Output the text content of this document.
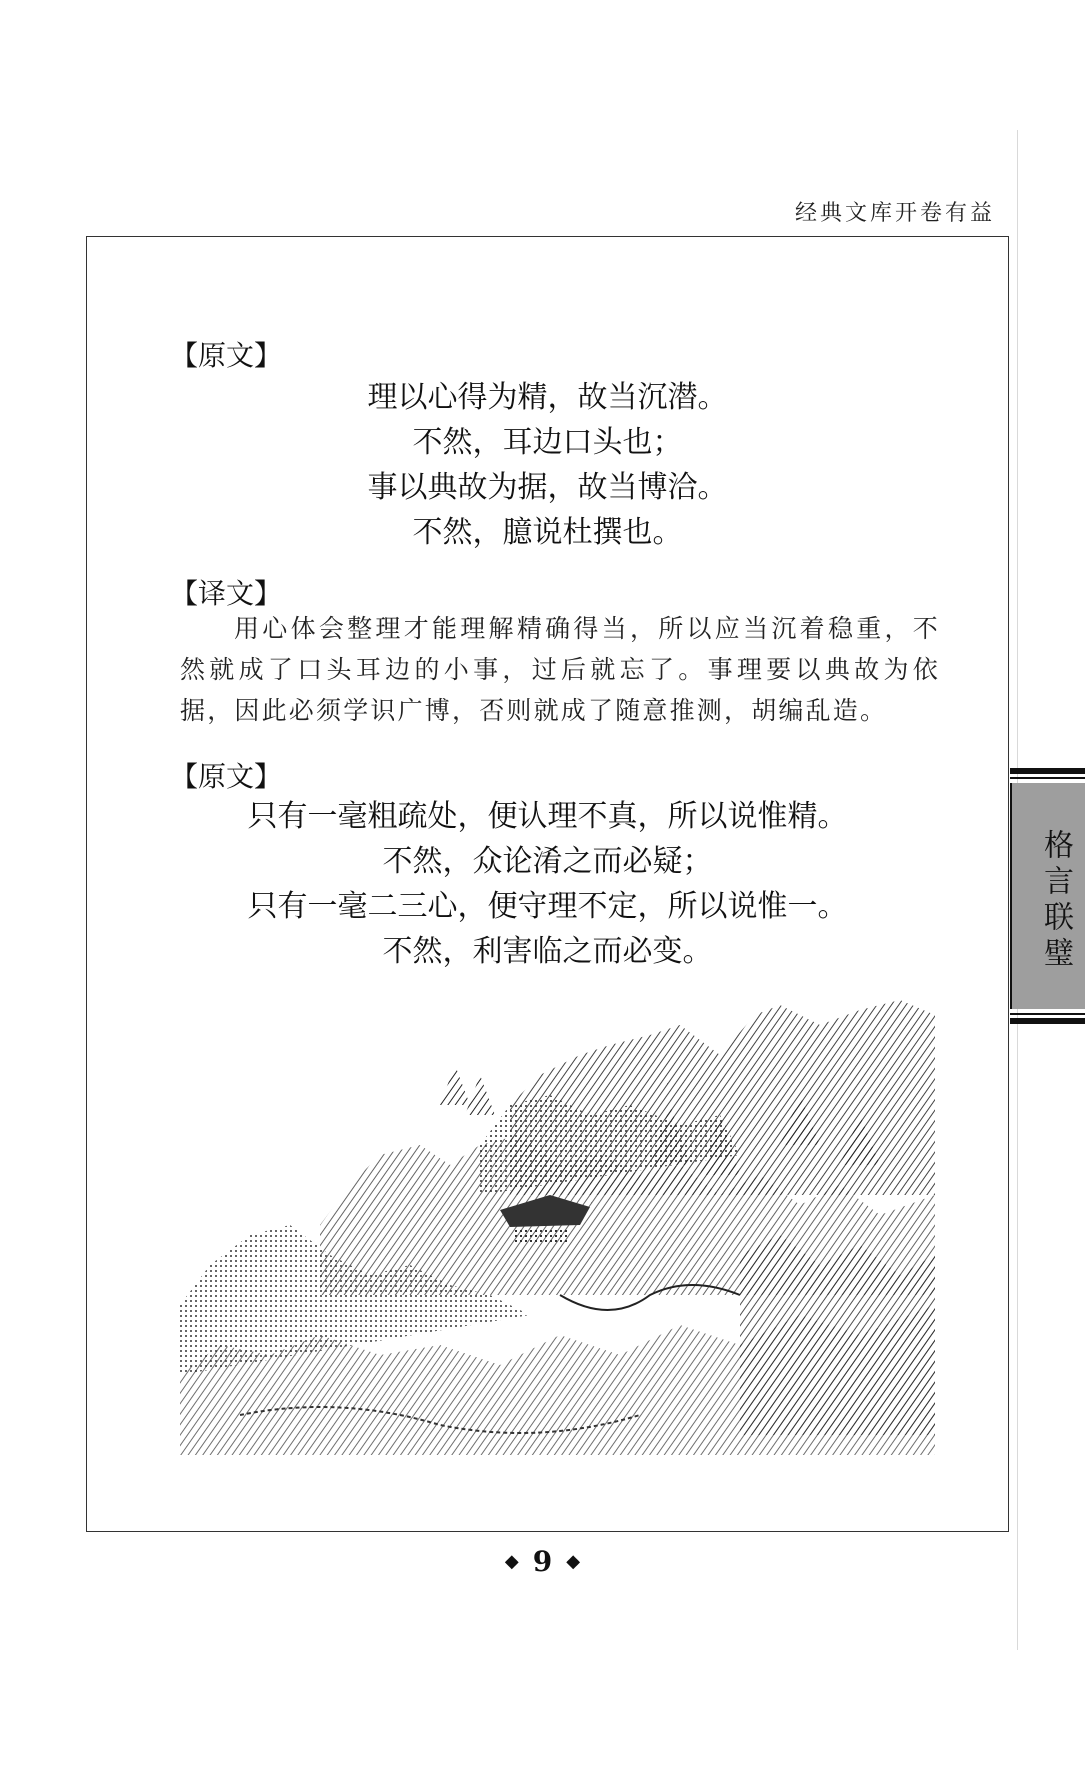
经典文库开卷有益
【原文】
理以心得为精，故当沉潜。
不然，耳边口头也；
事以典故为据，故当博洽。
不然，臆说杜撰也。
【译文】
用心体会整理才能理解精确得当，所以应当沉着稳重，不然就成了口头耳边的小事，过后就忘了。事理要以典故为依据，因此必须学识广博，否则就成了随意推测，胡编乱造。
【原文】
只有一毫粗疏处，便认理不真，所以说惟精。
不然，众论淆之而必疑；
只有一毫二三心，便守理不定，所以说惟一。
不然，利害临之而必变。	格言联璧
◆ 9 ◆
